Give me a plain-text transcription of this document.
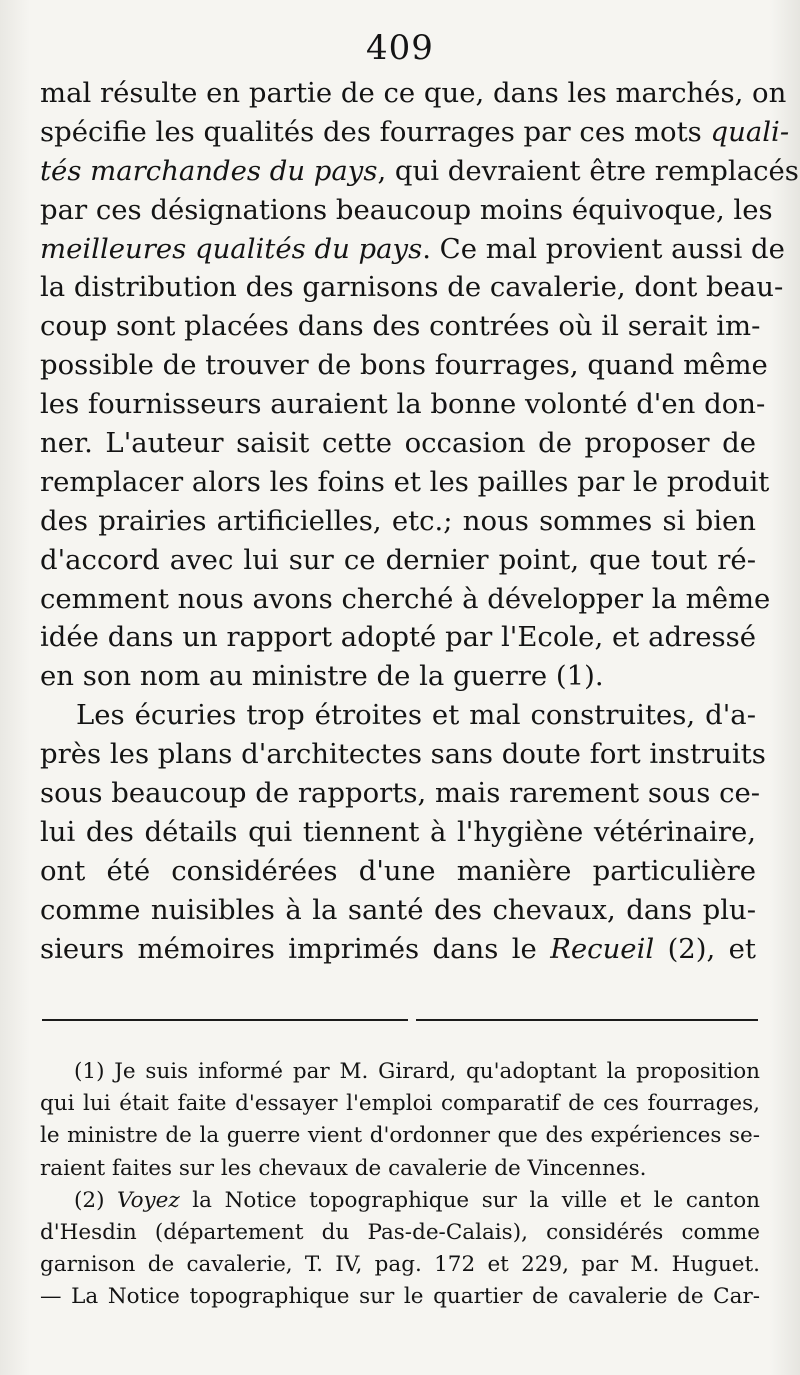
409
mal résulte en partie de ce que, dans les marchés, on
spécifie les qualités des fourrages par ces mots quali-
tés marchandes du pays, qui devraient être remplacés
par ces désignations beaucoup moins équivoque, les
meilleures qualités du pays. Ce mal provient aussi de
la distribution des garnisons de cavalerie, dont beau-
coup sont placées dans des contrées où il serait im-
possible de trouver de bons fourrages, quand même
les fournisseurs auraient la bonne volonté d'en don-
ner. L'auteur saisit cette occasion de proposer de
remplacer alors les foins et les pailles par le produit
des prairies artificielles, etc.; nous sommes si bien
d'accord avec lui sur ce dernier point, que tout ré-
cemment nous avons cherché à développer la même
idée dans un rapport adopté par l'Ecole, et adressé
en son nom au ministre de la guerre (1).
Les écuries trop étroites et mal construites, d'a-
près les plans d'architectes sans doute fort instruits
sous beaucoup de rapports, mais rarement sous ce-
lui des détails qui tiennent à l'hygiène vétérinaire,
ont été considérées d'une manière particulière
comme nuisibles à la santé des chevaux, dans plu-
sieurs mémoires imprimés dans le Recueil (2), et
(1) Je suis informé par M. Girard, qu'adoptant la proposition
qui lui était faite d'essayer l'emploi comparatif de ces fourrages,
le ministre de la guerre vient d'ordonner que des expériences se-
raient faites sur les chevaux de cavalerie de Vincennes.
(2) Voyez la Notice topographique sur la ville et le canton
d'Hesdin (département du Pas-de-Calais), considérés comme
garnison de cavalerie, T. IV, pag. 172 et 229, par M. Huguet.
— La Notice topographique sur le quartier de cavalerie de Car-
